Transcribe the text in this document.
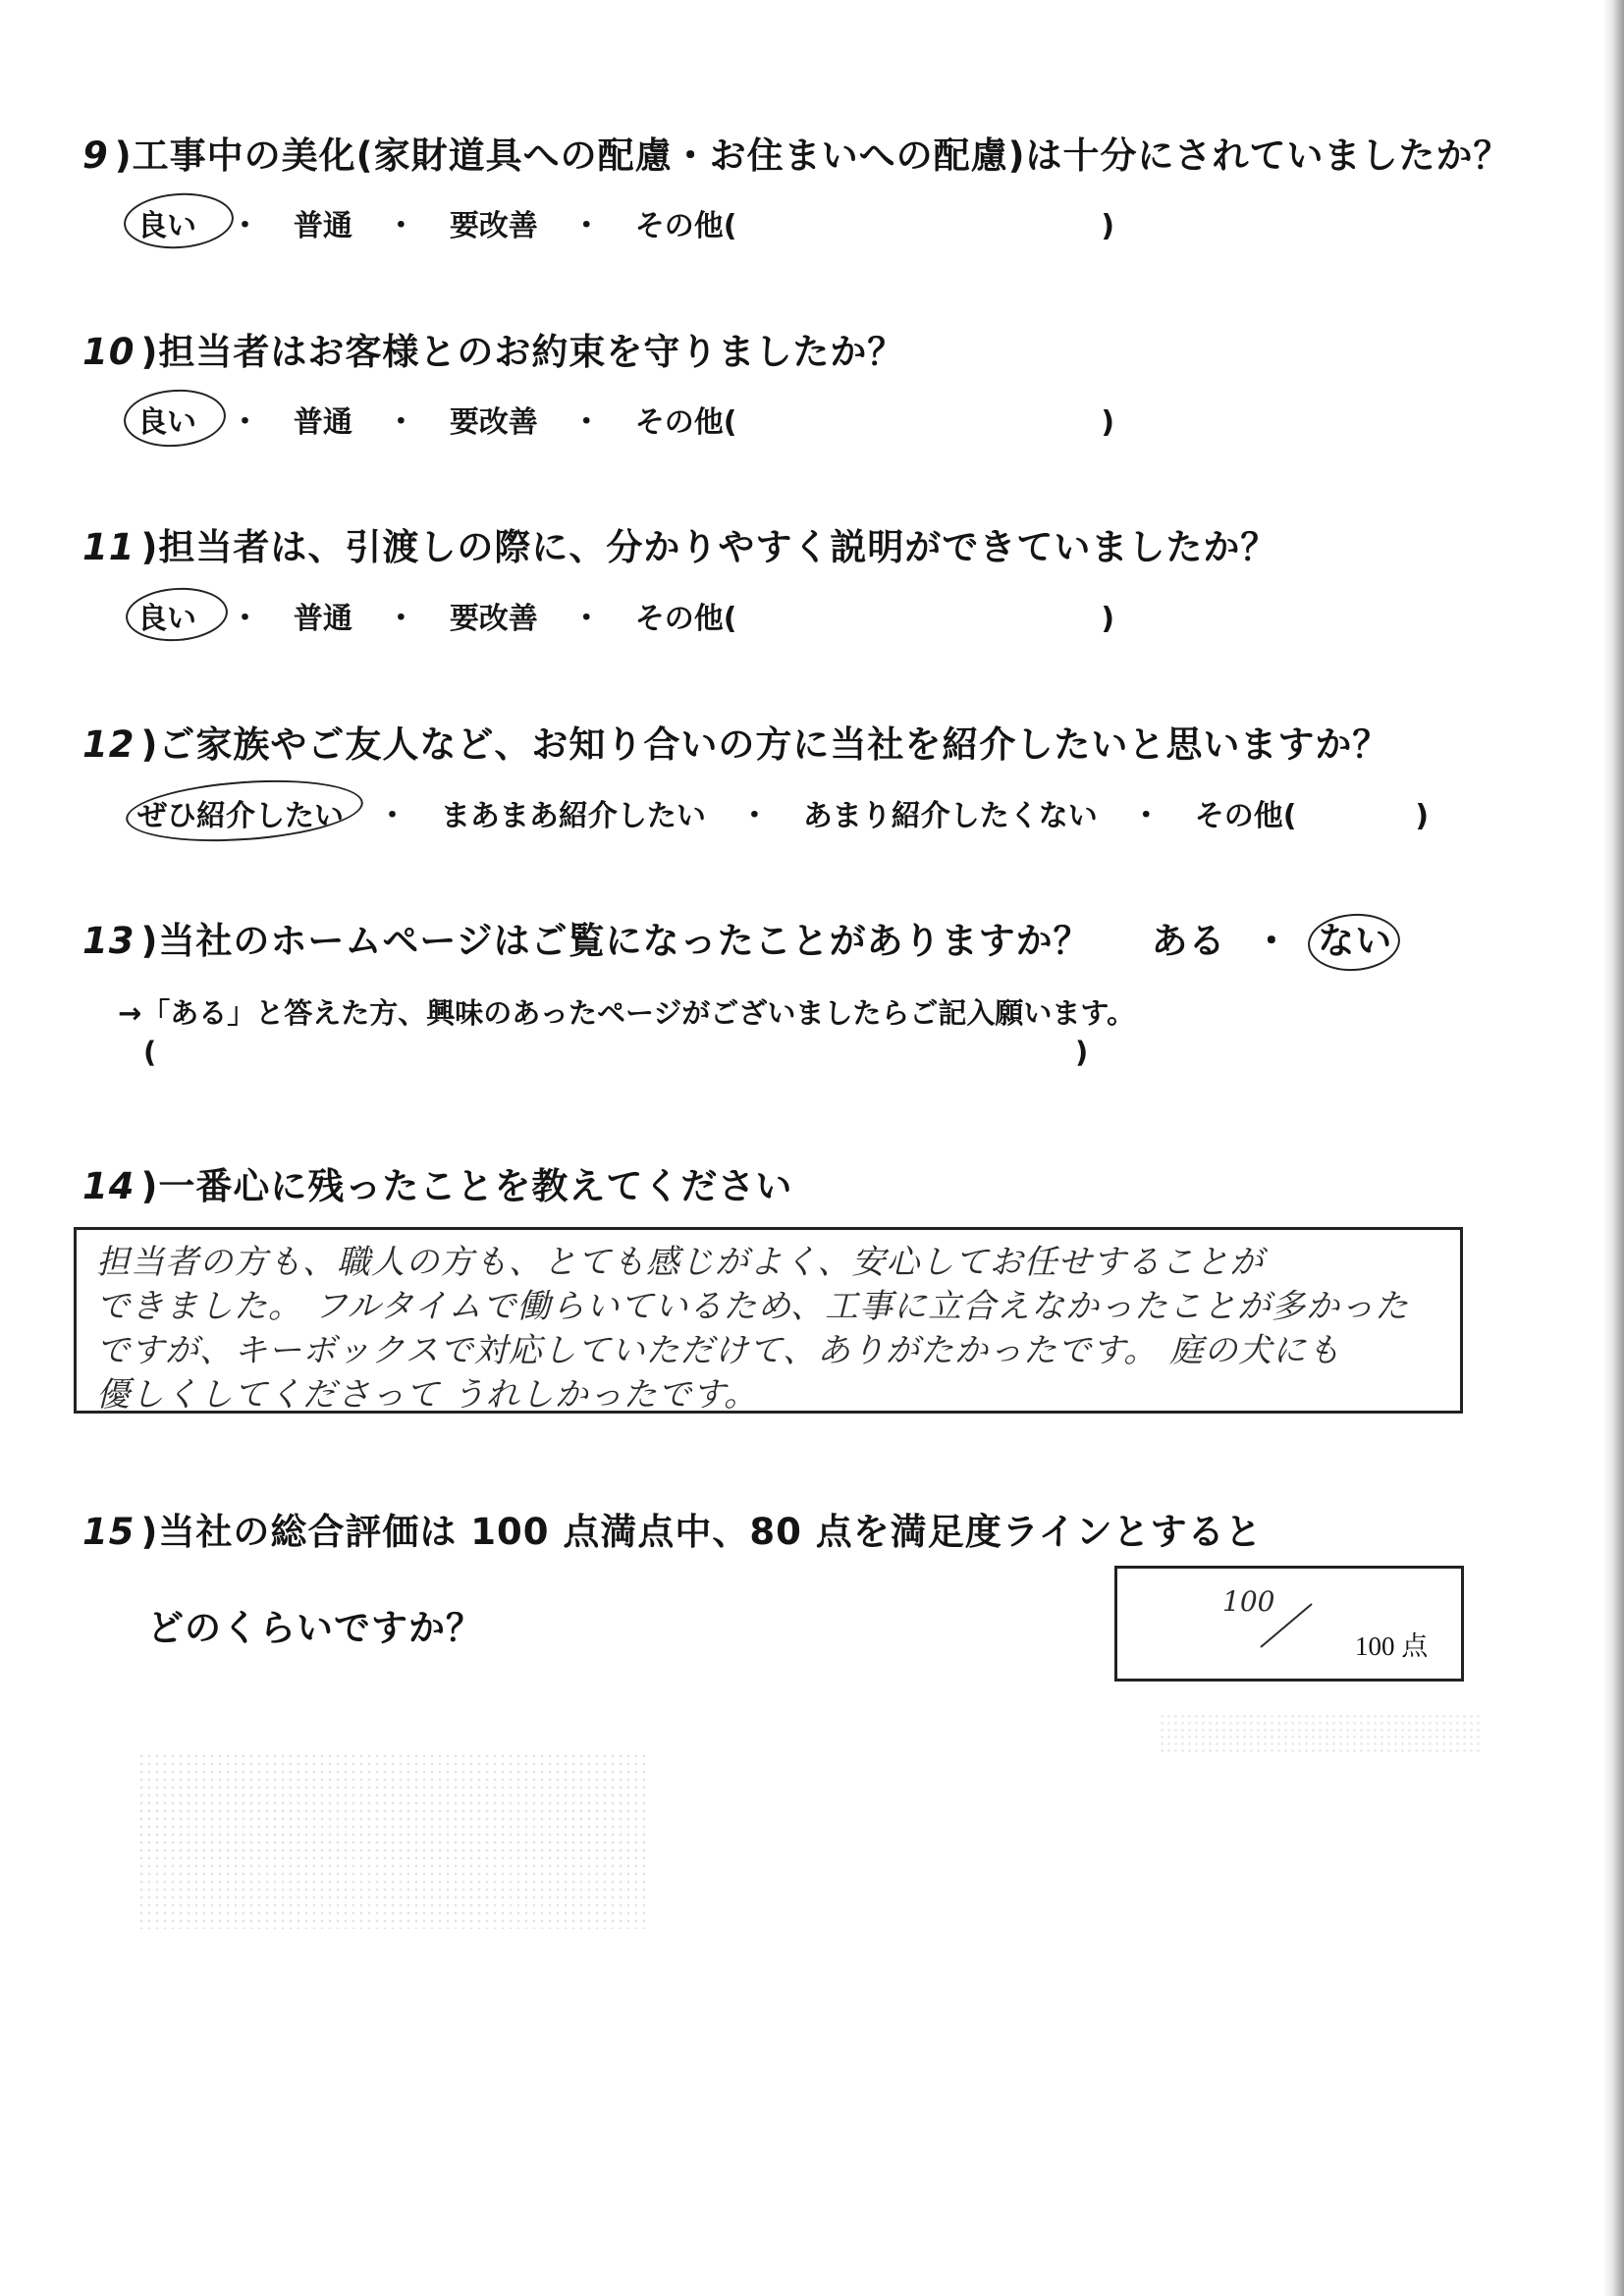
9 )工事中の美化(家財道具への配慮・お住まいへの配慮)は十分にされていましたか？
良い ・ 普通 ・ 要改善 ・ その他(	)
10 )担当者はお客様とのお約束を守りましたか？
良い ・ 普通 ・ 要改善 ・ その他(	)
11 )担当者は、引渡しの際に、分かりやすく説明ができていましたか？
良い ・ 普通 ・ 要改善 ・ その他(	)
12 )ご家族やご友人など、お知り合いの方に当社を紹介したいと思いますか？
ぜひ紹介したい ・ まあまあ紹介したい ・ あまり紹介したくない ・ その他(	)
13 )当社のホームページはご覧になったことがありますか？ ある ・ ない
→「ある」と答えた方、興味のあったページがございましたらご記入願います。
(	)
14 )一番心に残ったことを教えてください
担当者の方も、職人の方も、とても感じがよく、安心してお任せすることが
できました。 フルタイムで働らいているため、工事に立合えなかったことが多かった
ですが、キーボックスで対応していただけて、ありがたかったです。 庭の犬にも
優しくしてくださって うれしかったです。
15 )当社の総合評価は 100 点満点中、80 点を満足度ラインとすると
どのくらいですか？
100
100 点
